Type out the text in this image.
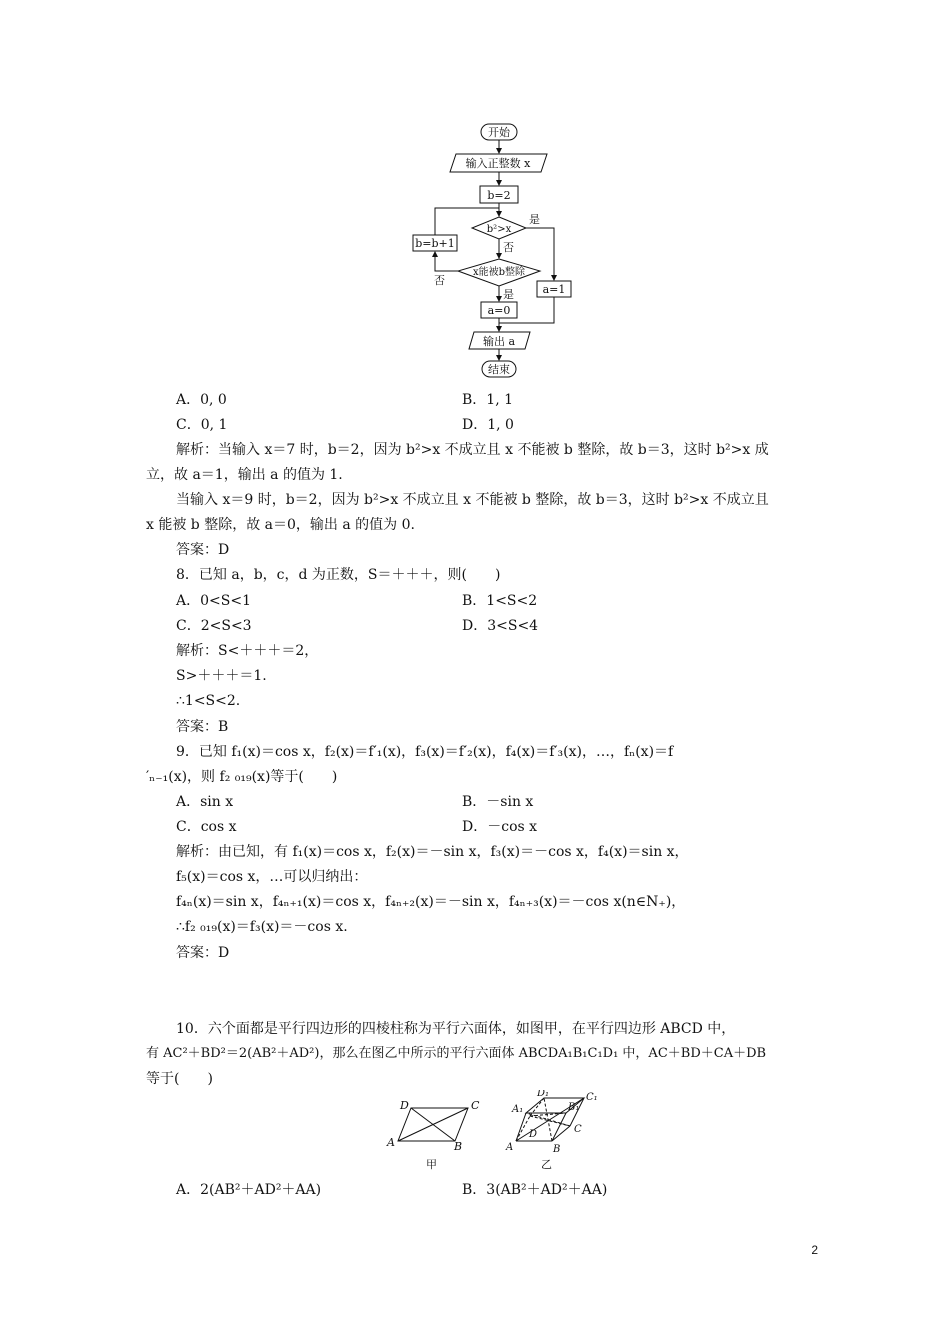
开始
输入正整数 x
b=2
b²>x
b=b+1
x能被b整除
a=1
a=0
输出 a
结束
是
否
否
是
A．0, 0	B．1, 1
C．0, 1	D．1, 0
解析：当输入 x＝7 时，b＝2，因为 b²>x 不成立且 x 不能被 b 整除，故 b＝3，这时 b²>x 成
立，故 a＝1，输出 a 的值为 1.
当输入 x＝9 时，b＝2，因为 b²>x 不成立且 x 不能被 b 整除，故 b＝3，这时 b²>x 不成立且
x 能被 b 整除，故 a＝0，输出 a 的值为 0.
答案：D
8．已知 a，b，c，d 为正数，S＝＋＋＋，则(　　)
A．0<S<1	B．1<S<2
C．2<S<3	D．3<S<4
解析：S<＋＋＋＝2，
S>＋＋＋＝1.
∴1<S<2.
答案：B
9．已知 f₁(x)＝cos x，f₂(x)＝f′₁(x)，f₃(x)＝f′₂(x)，f₄(x)＝f′₃(x)，…，fₙ(x)＝f
′ₙ₋₁(x)，则 f₂ ₀₁₉(x)等于(　　)
A．sin x	B．－sin x
C．cos x	D．－cos x
解析：由已知，有 f₁(x)＝cos x，f₂(x)＝－sin x，f₃(x)＝－cos x，f₄(x)＝sin x，
f₅(x)＝cos x，…可以归纳出：
f₄ₙ(x)＝sin x，f₄ₙ₊₁(x)＝cos x，f₄ₙ₊₂(x)＝－sin x，f₄ₙ₊₃(x)＝－cos x(n∈N₊)，
∴f₂ ₀₁₉(x)＝f₃(x)＝－cos x.
答案：D
10．六个面都是平行四边形的四棱柱称为平行六面体，如图甲，在平行四边形 ABCD 中，
有 AC²＋BD²＝2(AB²＋AD²)，那么在图乙中所示的平行六面体 ABCDA₁B₁C₁D₁ 中，AC＋BD＋CA＋DB
等于(　　)
A	B
C
D
甲
A	B
C
D
A₁	B₁
C₁
D₁
乙
A．2(AB²＋AD²＋AA)	B．3(AB²＋AD²＋AA)
2
